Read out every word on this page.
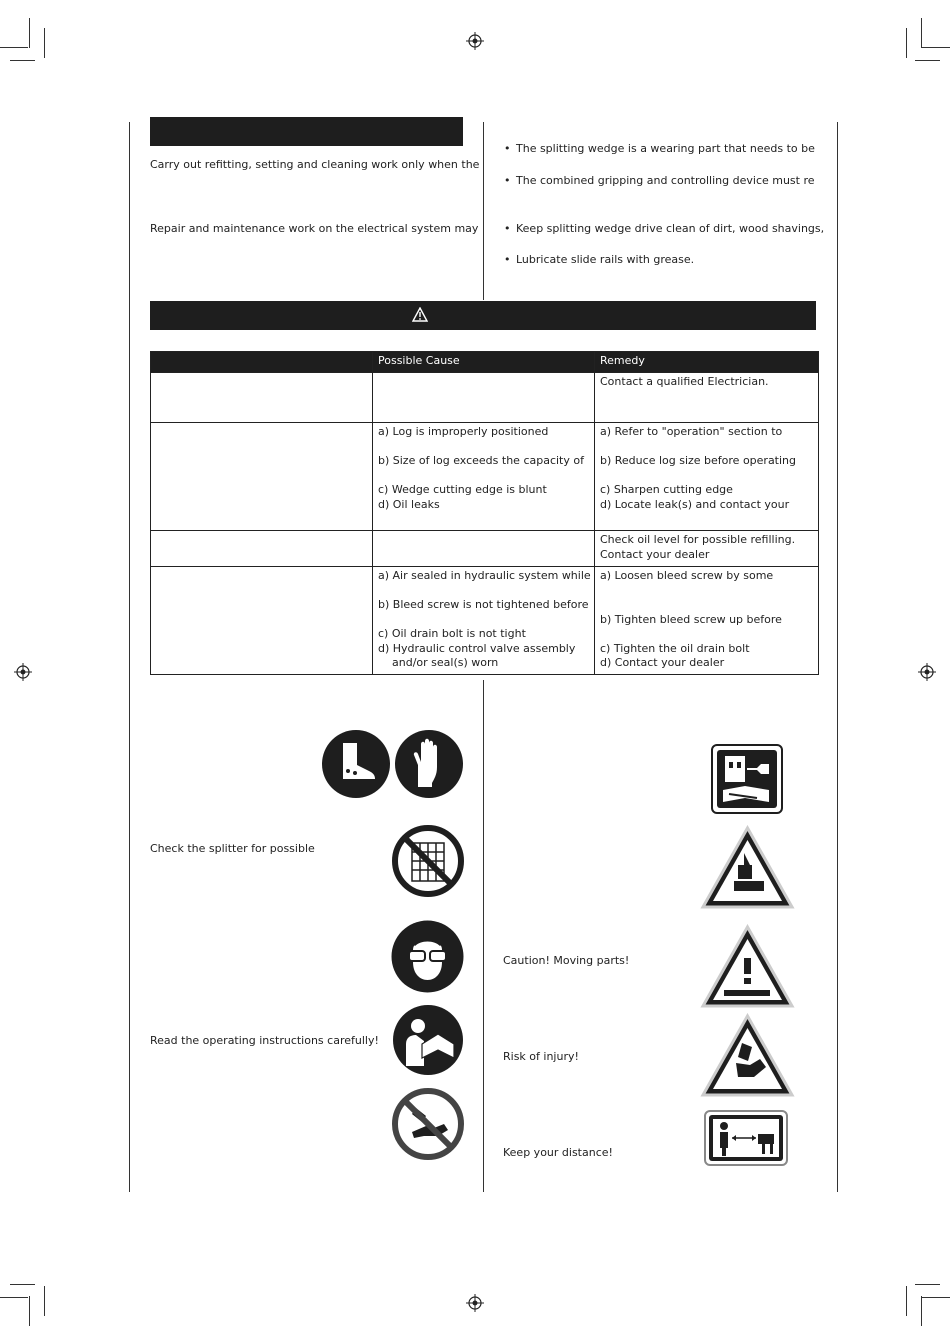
Carry out refitting, setting and cleaning work only when the
Repair and maintenance work on the electrical system may
• The splitting wedge is a wearing part that needs to be
• The combined gripping and controlling device must re
• Keep splitting wedge drive clean of dirt, wood shavings,
• Lubricate slide rails with grease.
	Possible Cause	Remedy

		Contact a qualified Electrician.

	a) Log is improperly positioned
b) Size of log exceeds the capacity of
c) Wedge cutting edge is blunt
d) Oil leaks	a) Refer to "operation" section to
b) Reduce log size before operating
c) Sharpen cutting edge
d) Locate leak(s) and contact your

		Check oil level for possible refilling.
Contact your dealer

	a) Air sealed in hydraulic system while
b) Bleed screw is not tightened before
c) Oil drain bolt is not tight
d) Hydraulic control valve assembly
and/or seal(s) worn	a) Loosen bleed screw by some
b) Tighten bleed screw up before
c) Tighten the oil drain bolt
d) Contact your dealer
Check the splitter for possible
Read the operating instructions carefully!
Caution! Moving parts!
Risk of injury!
Keep your distance!
